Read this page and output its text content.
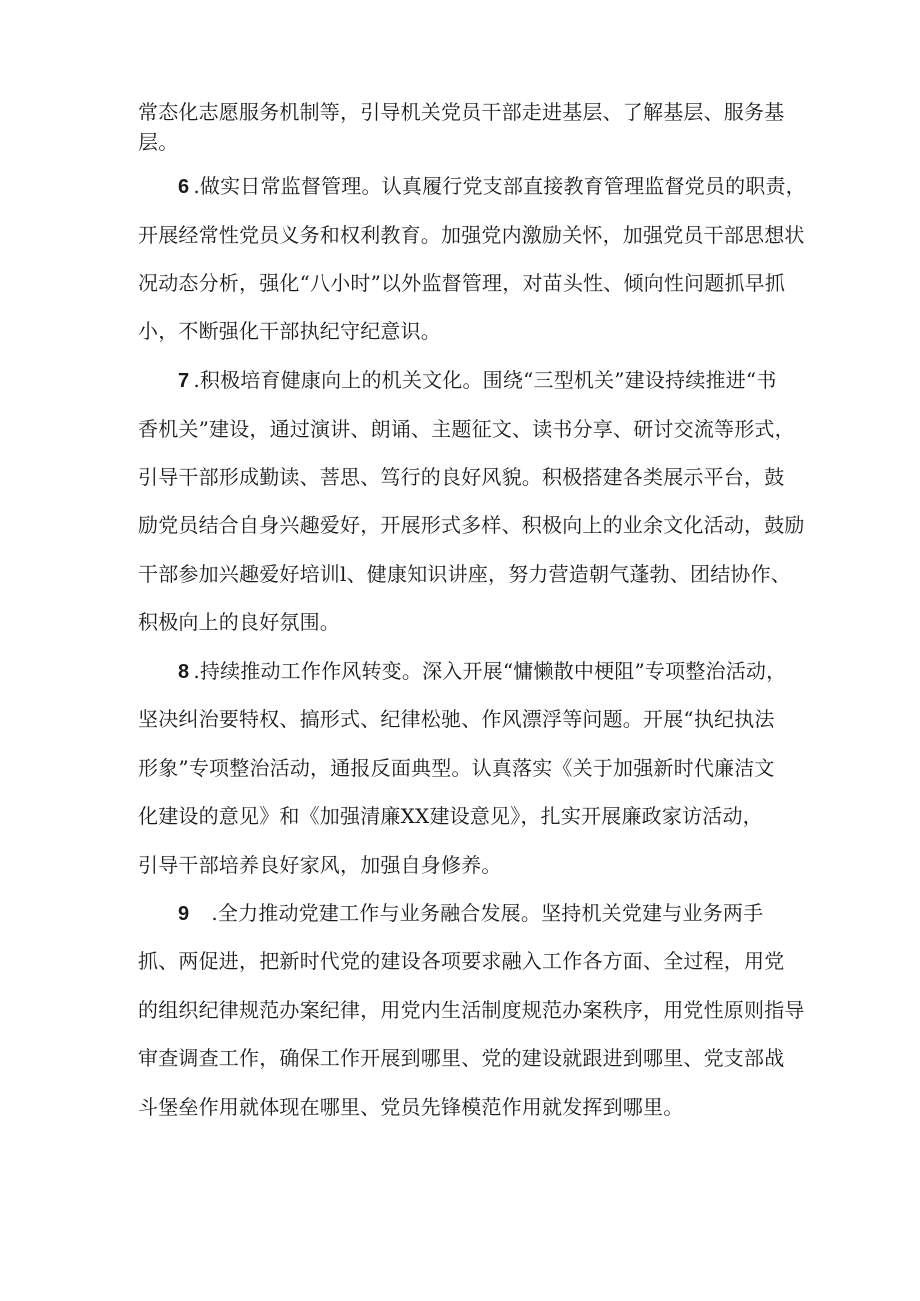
常态化志愿服务机制等，引导机关党员干部走进基层、了解基层、服务基
层。
6 .做实日常监督管理。认真履行党支部直接教育管理监督党员的职责，
开展经常性党员义务和权利教育。加强党内激励关怀，加强党员干部思想状
况动态分析，强化“八小时”以外监督管理，对苗头性、倾向性问题抓早抓
小，不断强化干部执纪守纪意识。
7 .积极培育健康向上的机关文化。围绕“三型机关”建设持续推进“书
香机关”建设，通过演讲、朗诵、主题征文、读书分享、研讨交流等形式，
引导干部形成勤读、菩思、笃行的良好风貌。积极搭建各类展示平台，鼓
励党员结合自身兴趣爱好，开展形式多样、积极向上的业余文化活动，鼓励
干部参加兴趣爱好培训l、健康知识讲座，努力营造朝气蓬勃、团结协作、
积极向上的良好氛围。
8 .持续推动工作作风转变。深入开展“慵懒散中梗阻”专项整治活动，
坚决纠治要特权、搞形式、纪律松驰、作风漂浮等问题。开展“执纪执法
形象”专项整治活动，通报反面典型。认真落实《关于加强新时代廉洁文
化建设的意见》和《加强清廉XX建设意见》，扎实开展廉政家访活动，
引导干部培养良好家风，加强自身修养。
9 .全力推动党建工作与业务融合发展。坚持机关党建与业务两手
抓、两促进，把新时代党的建设各项要求融入工作各方面、全过程，用党
的组织纪律规范办案纪律，用党内生活制度规范办案秩序，用党性原则指导
审查调查工作，确保工作开展到哪里、党的建设就跟进到哪里、党支部战
斗堡垒作用就体现在哪里、党员先锋模范作用就发挥到哪里。
